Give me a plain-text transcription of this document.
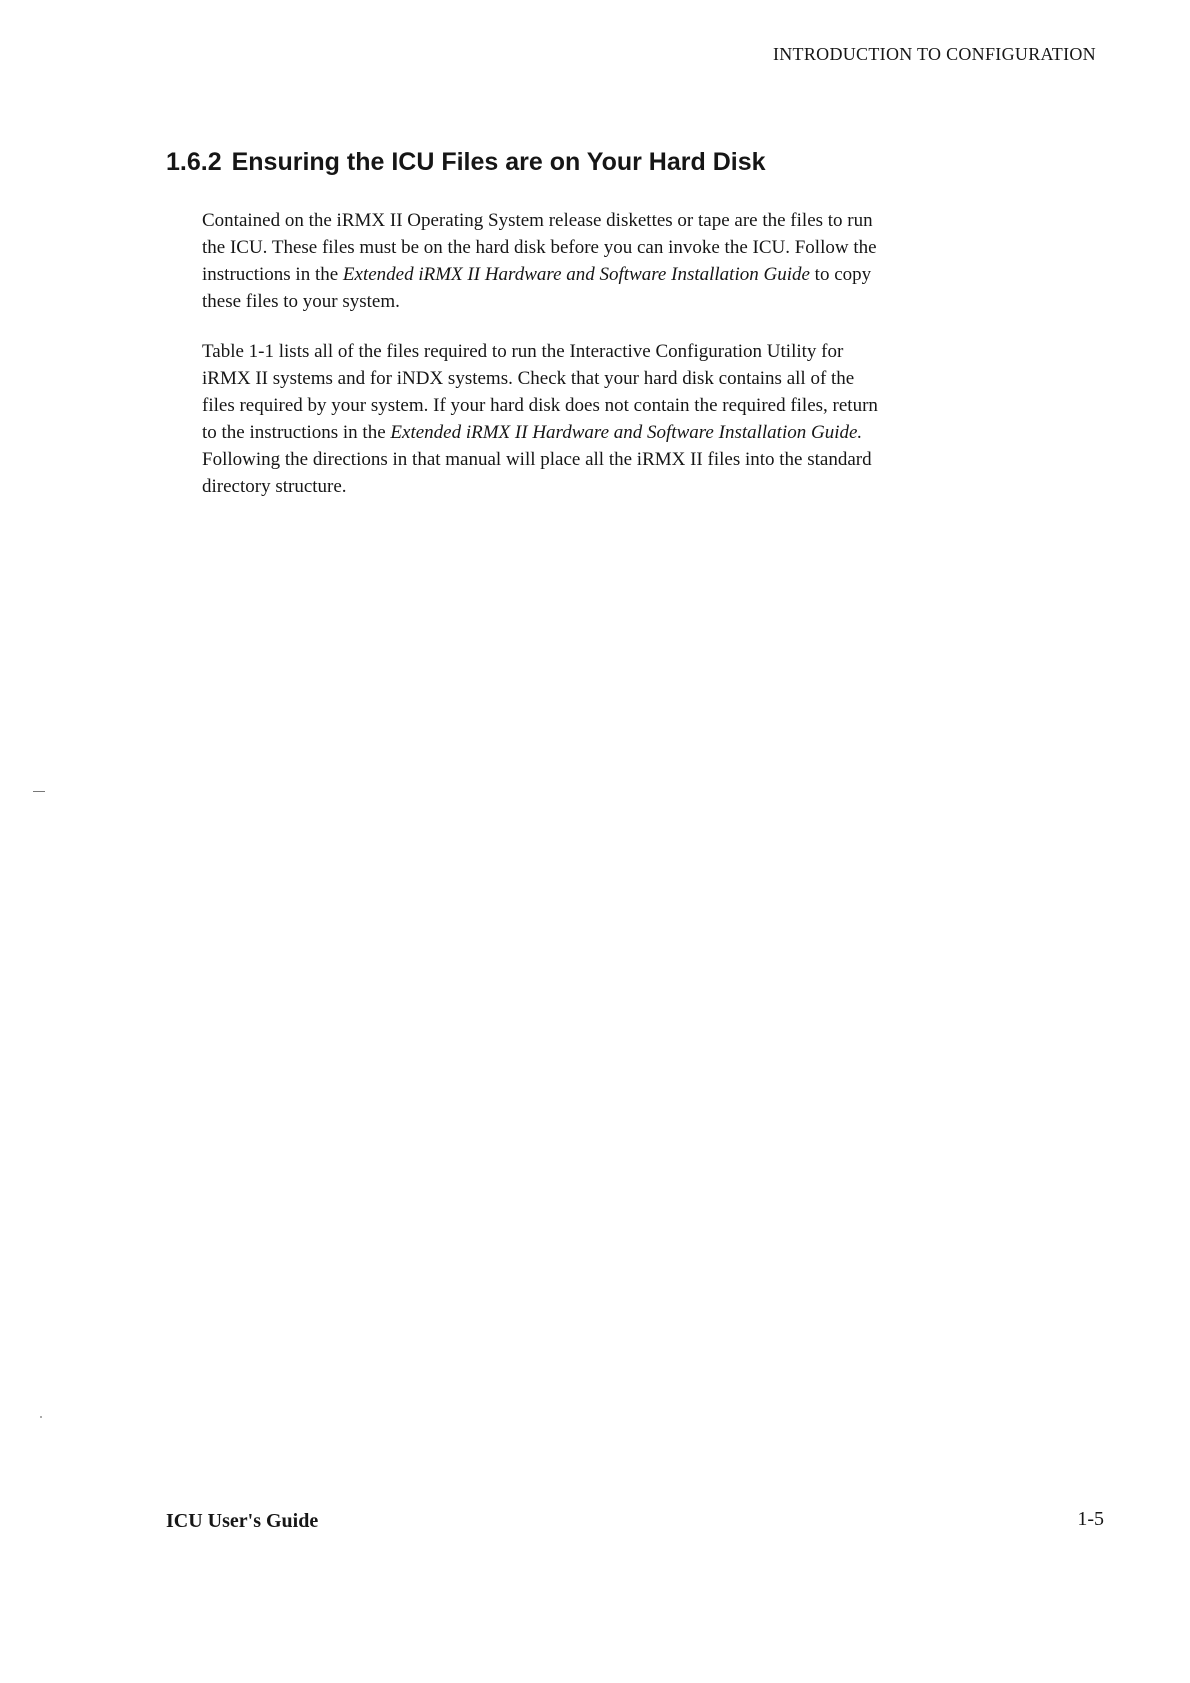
INTRODUCTION TO CONFIGURATION
1.6.2 Ensuring the ICU Files are on Your Hard Disk

Contained on the iRMX II Operating System release diskettes or tape are the files to run
the ICU. These files must be on the hard disk before you can invoke the ICU. Follow the
instructions in the Extended iRMX II Hardware and Software Installation Guide to copy
these files to your system.

Table 1-1 lists all of the files required to run the Interactive Configuration Utility for
iRMX II systems and for iNDX systems. Check that your hard disk contains all of the
files required by your system. If your hard disk does not contain the required files, return
to the instructions in the Extended iRMX II Hardware and Software Installation Guide.
Following the directions in that manual will place all the iRMX II files into the standard
directory structure.

ICU User's Guide	1-5
